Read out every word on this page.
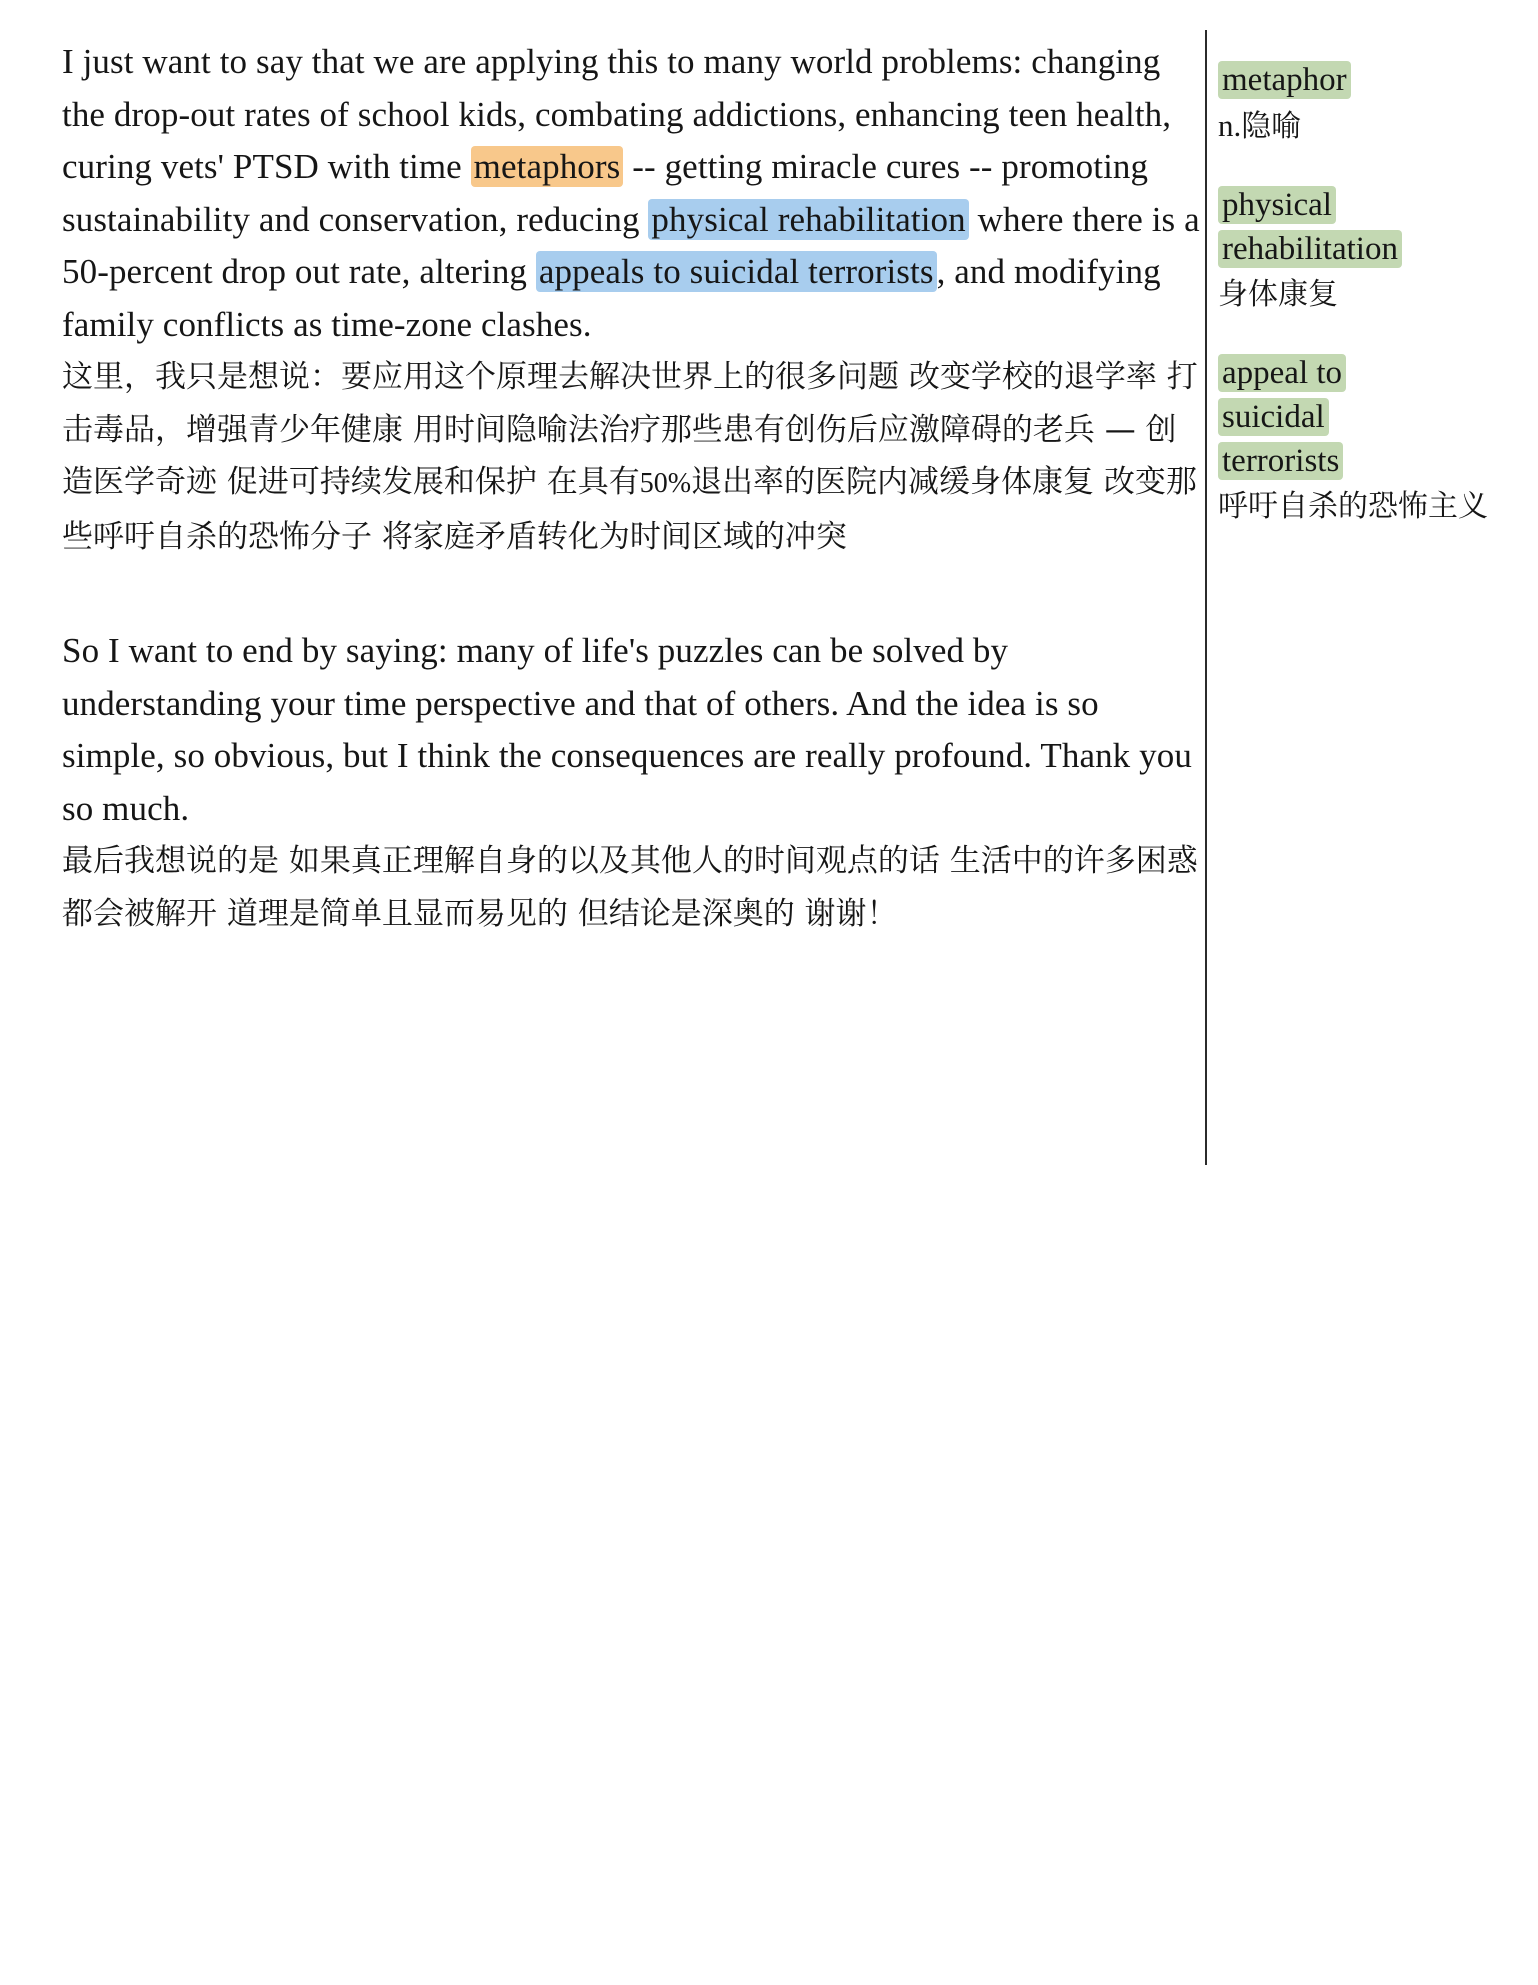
I just want to say that we are applying this to many world problems: changing the drop-out rates of school kids, combating addictions, enhancing teen health, curing vets' PTSD with time metaphors -- getting miracle cures -- promoting sustainability and conservation, reducing physical rehabilitation where there is a 50-percent drop out rate, altering appeals to suicidal terrorists, and modifying family conflicts as time-zone clashes.
这里，我只是想说：要应用这个原理去解决世界上的很多问题 改变学校的退学率 打击毒品，增强青少年健康 用时间隐喻法治疗那些患有创伤后应激障碍的老兵 — 创造医学奇迹 促进可持续发展和保护 在具有50%退出率的医院内减缓身体康复 改变那些呼吁自杀的恐怖分子 将家庭矛盾转化为时间区域的冲突
So I want to end by saying: many of life's puzzles can be solved by understanding your time perspective and that of others. And the idea is so simple, so obvious, but I think the consequences are really profound. Thank you so much.
最后我想说的是 如果真正理解自身的以及其他人的时间观点的话 生活中的许多困惑都会被解开 道理是简单且显而易见的 但结论是深奥的 谢谢！
metaphor
n.隐喻
physical
rehabilitation
身体康复
appeal to
suicidal
terrorists
呼吁自杀的恐怖主义
